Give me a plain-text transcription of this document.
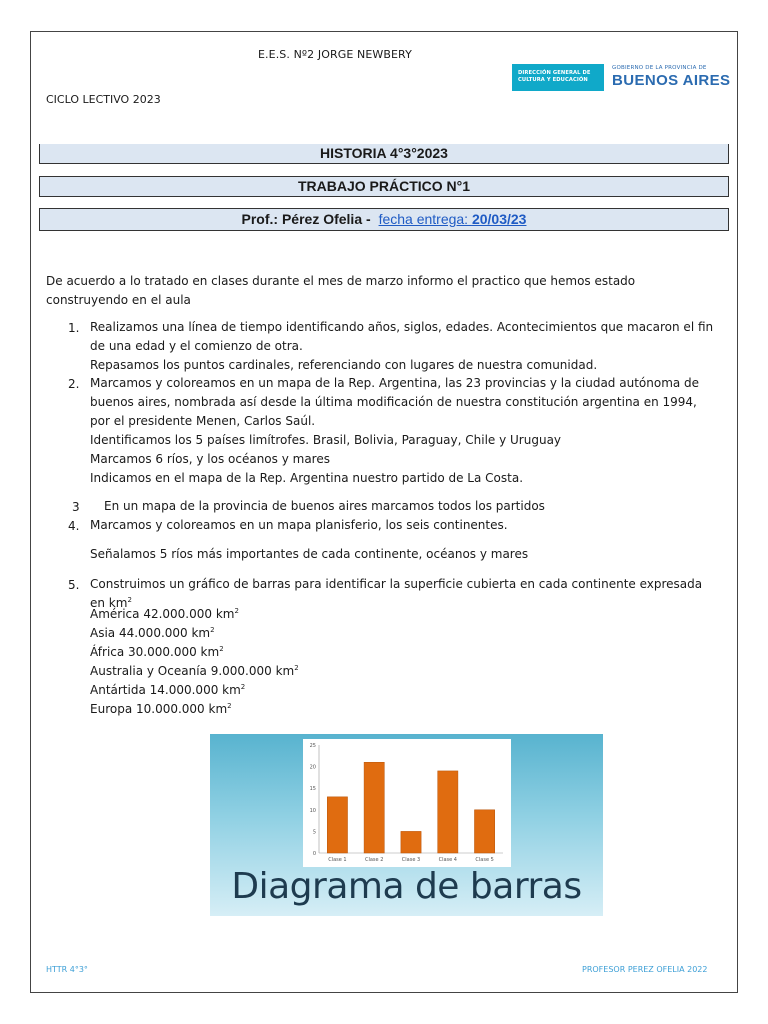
E.E.S. Nº2 JORGE NEWBERY
CICLO LECTIVO 2023
DIRECCIÓN GENERAL DE
CULTURA Y EDUCACIÓN
GOBIERNO DE LA PROVINCIA DE
BUENOS AIRES
HISTORIA 4°3°2023
TRABAJO PRÁCTICO N°1
Prof.: Pérez Ofelia - fecha entrega: 20/03/23
De acuerdo a lo tratado en clases durante el mes de marzo informo el practico que hemos estado construyendo en el aula
1. Realizamos una línea de tiempo identificando años, siglos, edades. Acontecimientos que macaron el fin de una edad y el comienzo de otra.
Repasamos los puntos cardinales, referenciando con lugares de nuestra comunidad.
2. Marcamos y coloreamos en un mapa de la Rep. Argentina, las 23 provincias y la ciudad autónoma de buenos aires, nombrada así desde la última modificación de nuestra constitución argentina en 1994, por el presidente Menen, Carlos Saúl.
Identificamos los 5 países limítrofes. Brasil, Bolivia, Paraguay, Chile y Uruguay
Marcamos 6 ríos, y los océanos y mares
Indicamos en el mapa de la Rep. Argentina nuestro partido de La Costa.
3 En un mapa de la provincia de buenos aires marcamos todos los partidos
4. Marcamos y coloreamos en un mapa planisferio, los seis continentes.
Señalamos 5 ríos más importantes de cada continente, océanos y mares
5. Construimos un gráfico de barras para identificar la superficie cubierta en cada continente expresada en $km^2$
América 42.000.000 $km^2$
Asia 44.000.000 $km^2$
África 30.000.000 $km^2$
Australia y Oceanía 9.000.000 $km^2$
Antártida 14.000.000 $km^2$
Europa 10.000.000 $km^2$
25
20
15
10
5
0
Clase 1	Clase 2	Clase 3	Clase 4	Clase 5
Diagrama de barras
HTTR 4°3°	PROFESOR PEREZ OFELIA 2022
